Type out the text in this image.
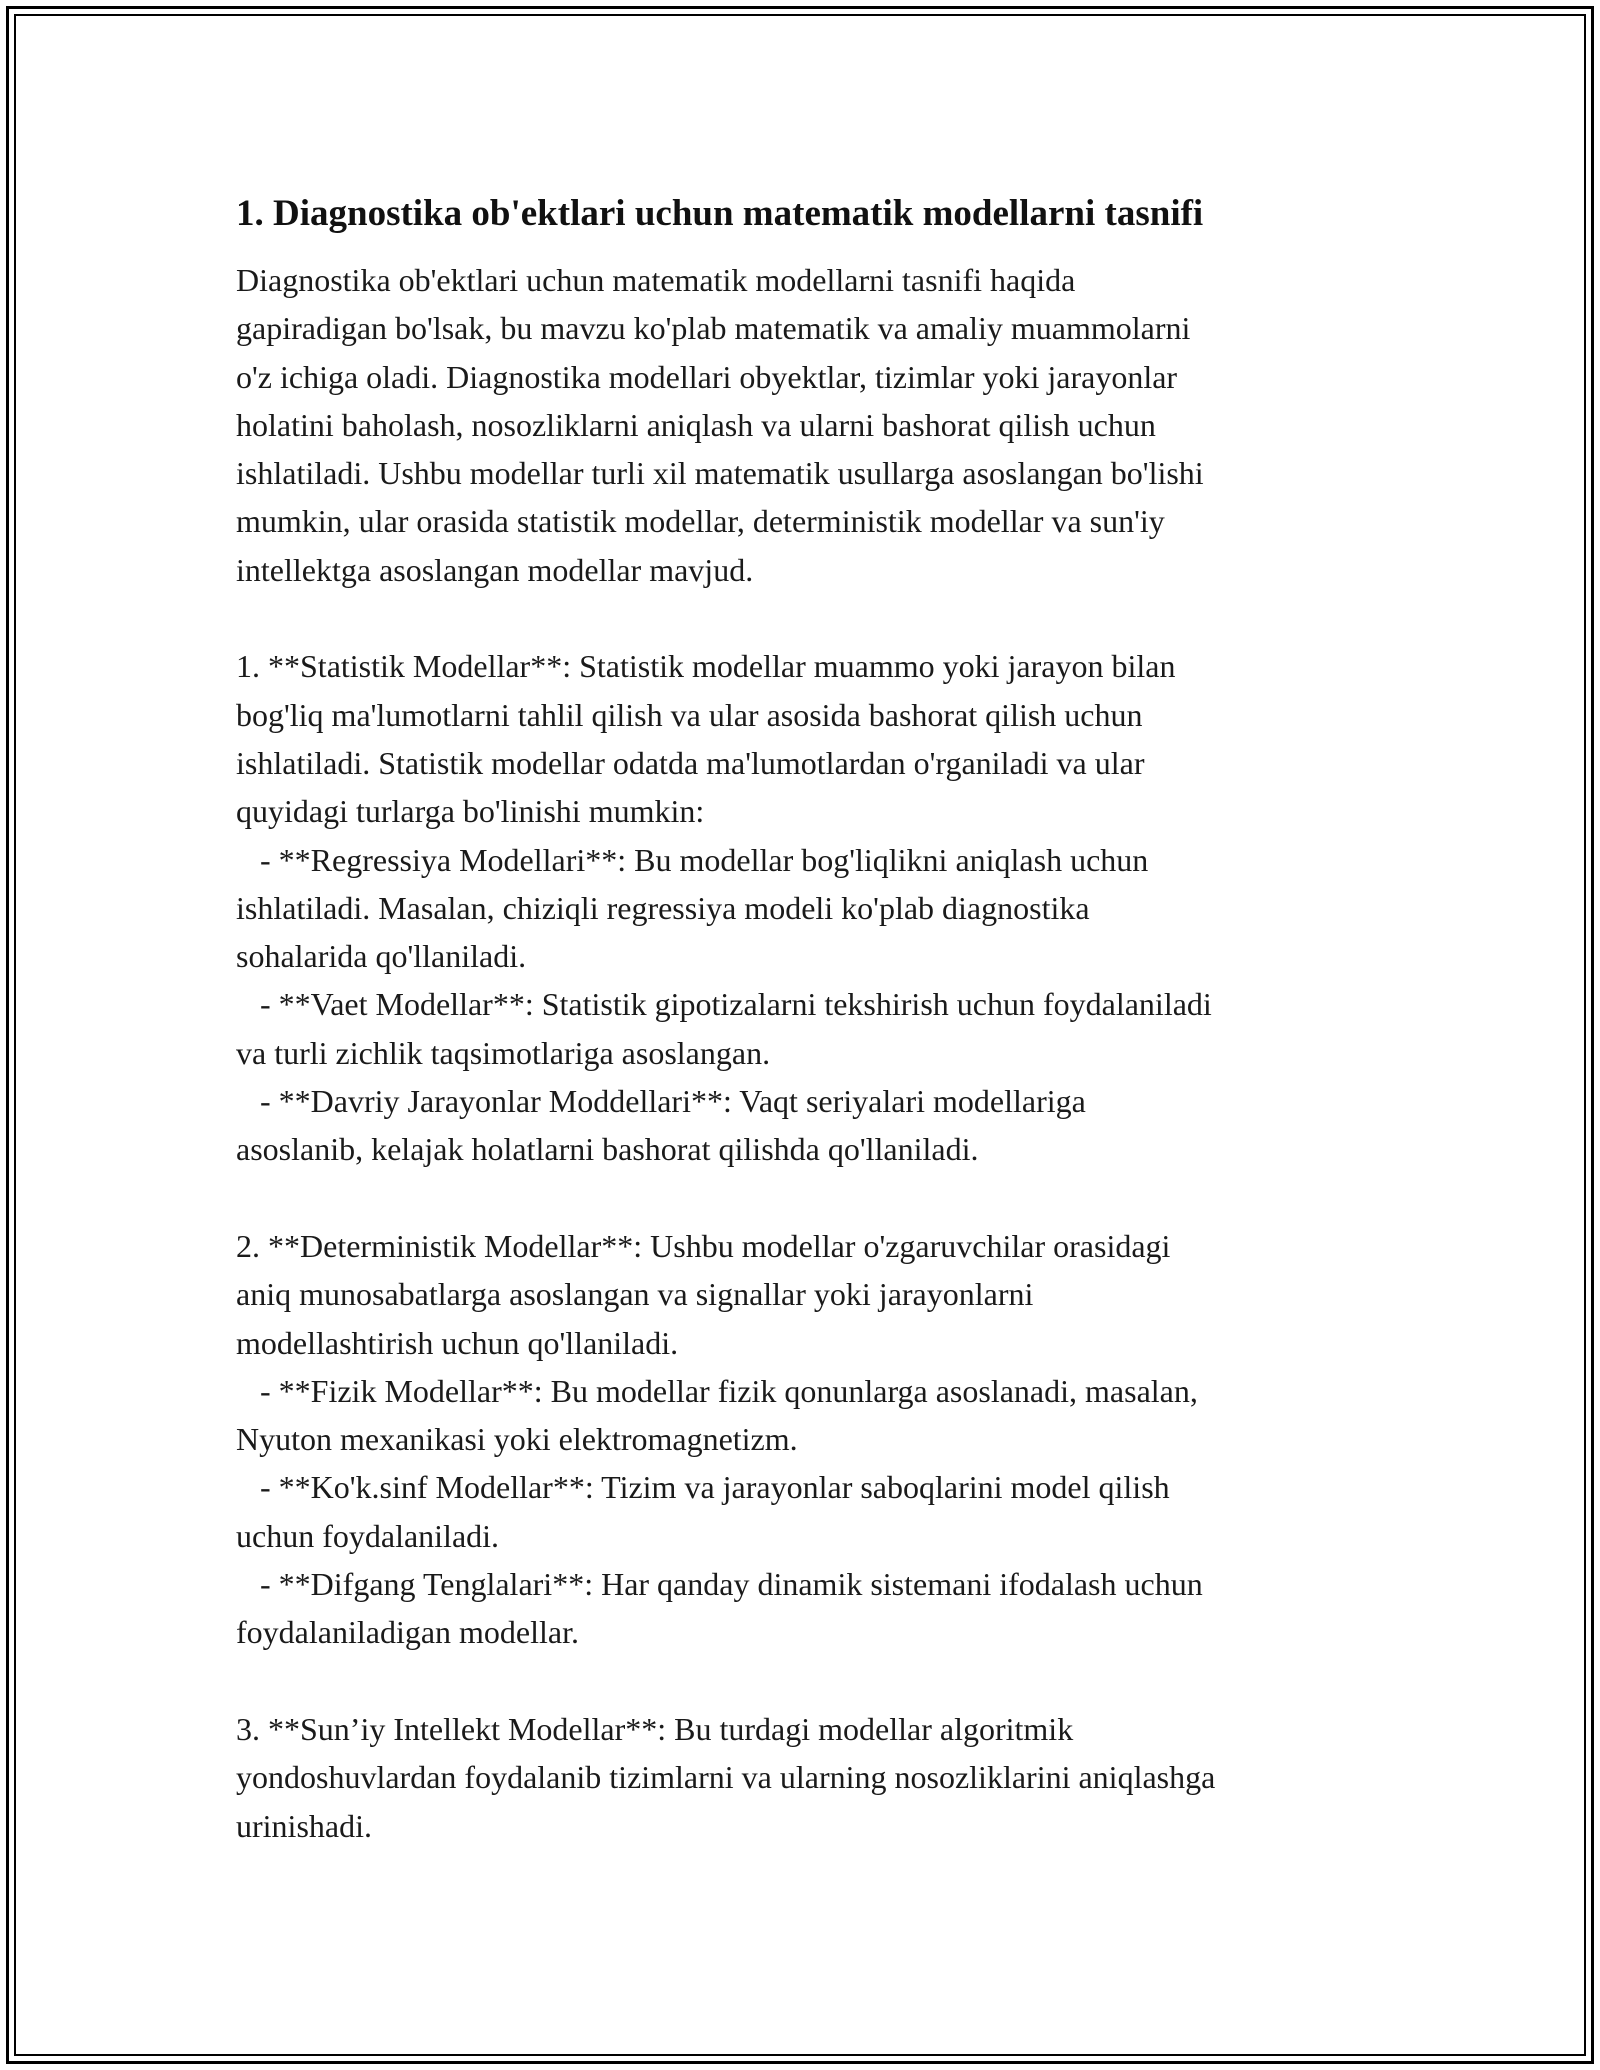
1. Diagnostika ob'ektlari uchun matematik modellarni tasnifi
Diagnostika ob'ektlari uchun matematik modellarni tasnifi haqida
gapiradigan bo'lsak, bu mavzu ko'plab matematik va amaliy muammolarni
o'z ichiga oladi. Diagnostika modellari obyektlar, tizimlar yoki jarayonlar
holatini baholash, nosozliklarni aniqlash va ularni bashorat qilish uchun
ishlatiladi. Ushbu modellar turli xil matematik usullarga asoslangan bo'lishi
mumkin, ular orasida statistik modellar, deterministik modellar va sun'iy
intellektga asoslangan modellar mavjud.
1. **Statistik Modellar**: Statistik modellar muammo yoki jarayon bilan
bog'liq ma'lumotlarni tahlil qilish va ular asosida bashorat qilish uchun
ishlatiladi. Statistik modellar odatda ma'lumotlardan o'rganiladi va ular
quyidagi turlarga bo'linishi mumkin:
- **Regressiya Modellari**: Bu modellar bog'liqlikni aniqlash uchun
ishlatiladi. Masalan, chiziqli regressiya modeli ko'plab diagnostika
sohalarida qo'llaniladi.
- **Vaet Modellar**: Statistik gipotizalarni tekshirish uchun foydalaniladi
va turli zichlik taqsimotlariga asoslangan.
- **Davriy Jarayonlar Moddellari**: Vaqt seriyalari modellariga
asoslanib, kelajak holatlarni bashorat qilishda qo'llaniladi.
2. **Deterministik Modellar**: Ushbu modellar o'zgaruvchilar orasidagi
aniq munosabatlarga asoslangan va signallar yoki jarayonlarni
modellashtirish uchun qo'llaniladi.
- **Fizik Modellar**: Bu modellar fizik qonunlarga asoslanadi, masalan,
Nyuton mexanikasi yoki elektromagnetizm.
- **Ko'k.sinf Modellar**: Tizim va jarayonlar saboqlarini model qilish
uchun foydalaniladi.
- **Difgang Tenglalari**: Har qanday dinamik sistemani ifodalash uchun
foydalaniladigan modellar.
3. **Sun’iy Intellekt Modellar**: Bu turdagi modellar algoritmik
yondoshuvlardan foydalanib tizimlarni va ularning nosozliklarini aniqlashga
urinishadi.
